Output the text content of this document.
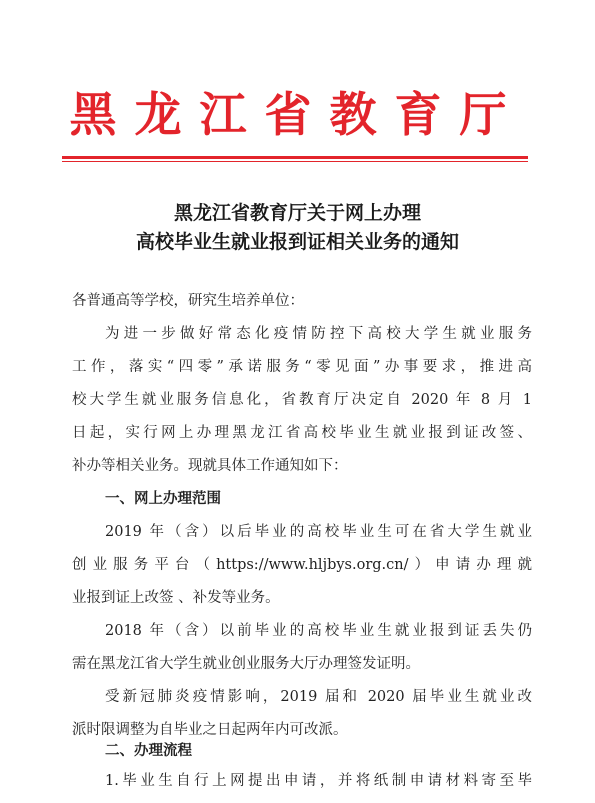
黑龙江省教育厅
黑龙江省教育厅关于网上办理
高校毕业生就业报到证相关业务的通知
各普通高等学校，研究生培养单位：
为进一步做好常态化疫情防控下高校大学生就业服务
工作，落实“四零”承诺服务“零见面”办事要求，推进高
校大学生就业服务信息化，省教育厅决定自 2020 年 8 月 1
日起，实行网上办理黑龙江省高校毕业生就业报到证改签、
补办等相关业务。现就具体工作通知如下：
一、网上办理范围
2019 年（含）以后毕业的高校毕业生可在省大学生就业
创业服务平台（https://www.hljbys.org.cn/）申请办理就
业报到证上改签 、补发等业务。
2018 年（含）以前毕业的高校毕业生就业报到证丢失仍
需在黑龙江省大学生就业创业服务大厅办理签发证明。
受新冠肺炎疫情影响，2019 届和 2020 届毕业生就业改
派时限调整为自毕业之日起两年内可改派。
二、办理流程
1.毕业生自行上网提出申请，并将纸制申请材料寄至毕
